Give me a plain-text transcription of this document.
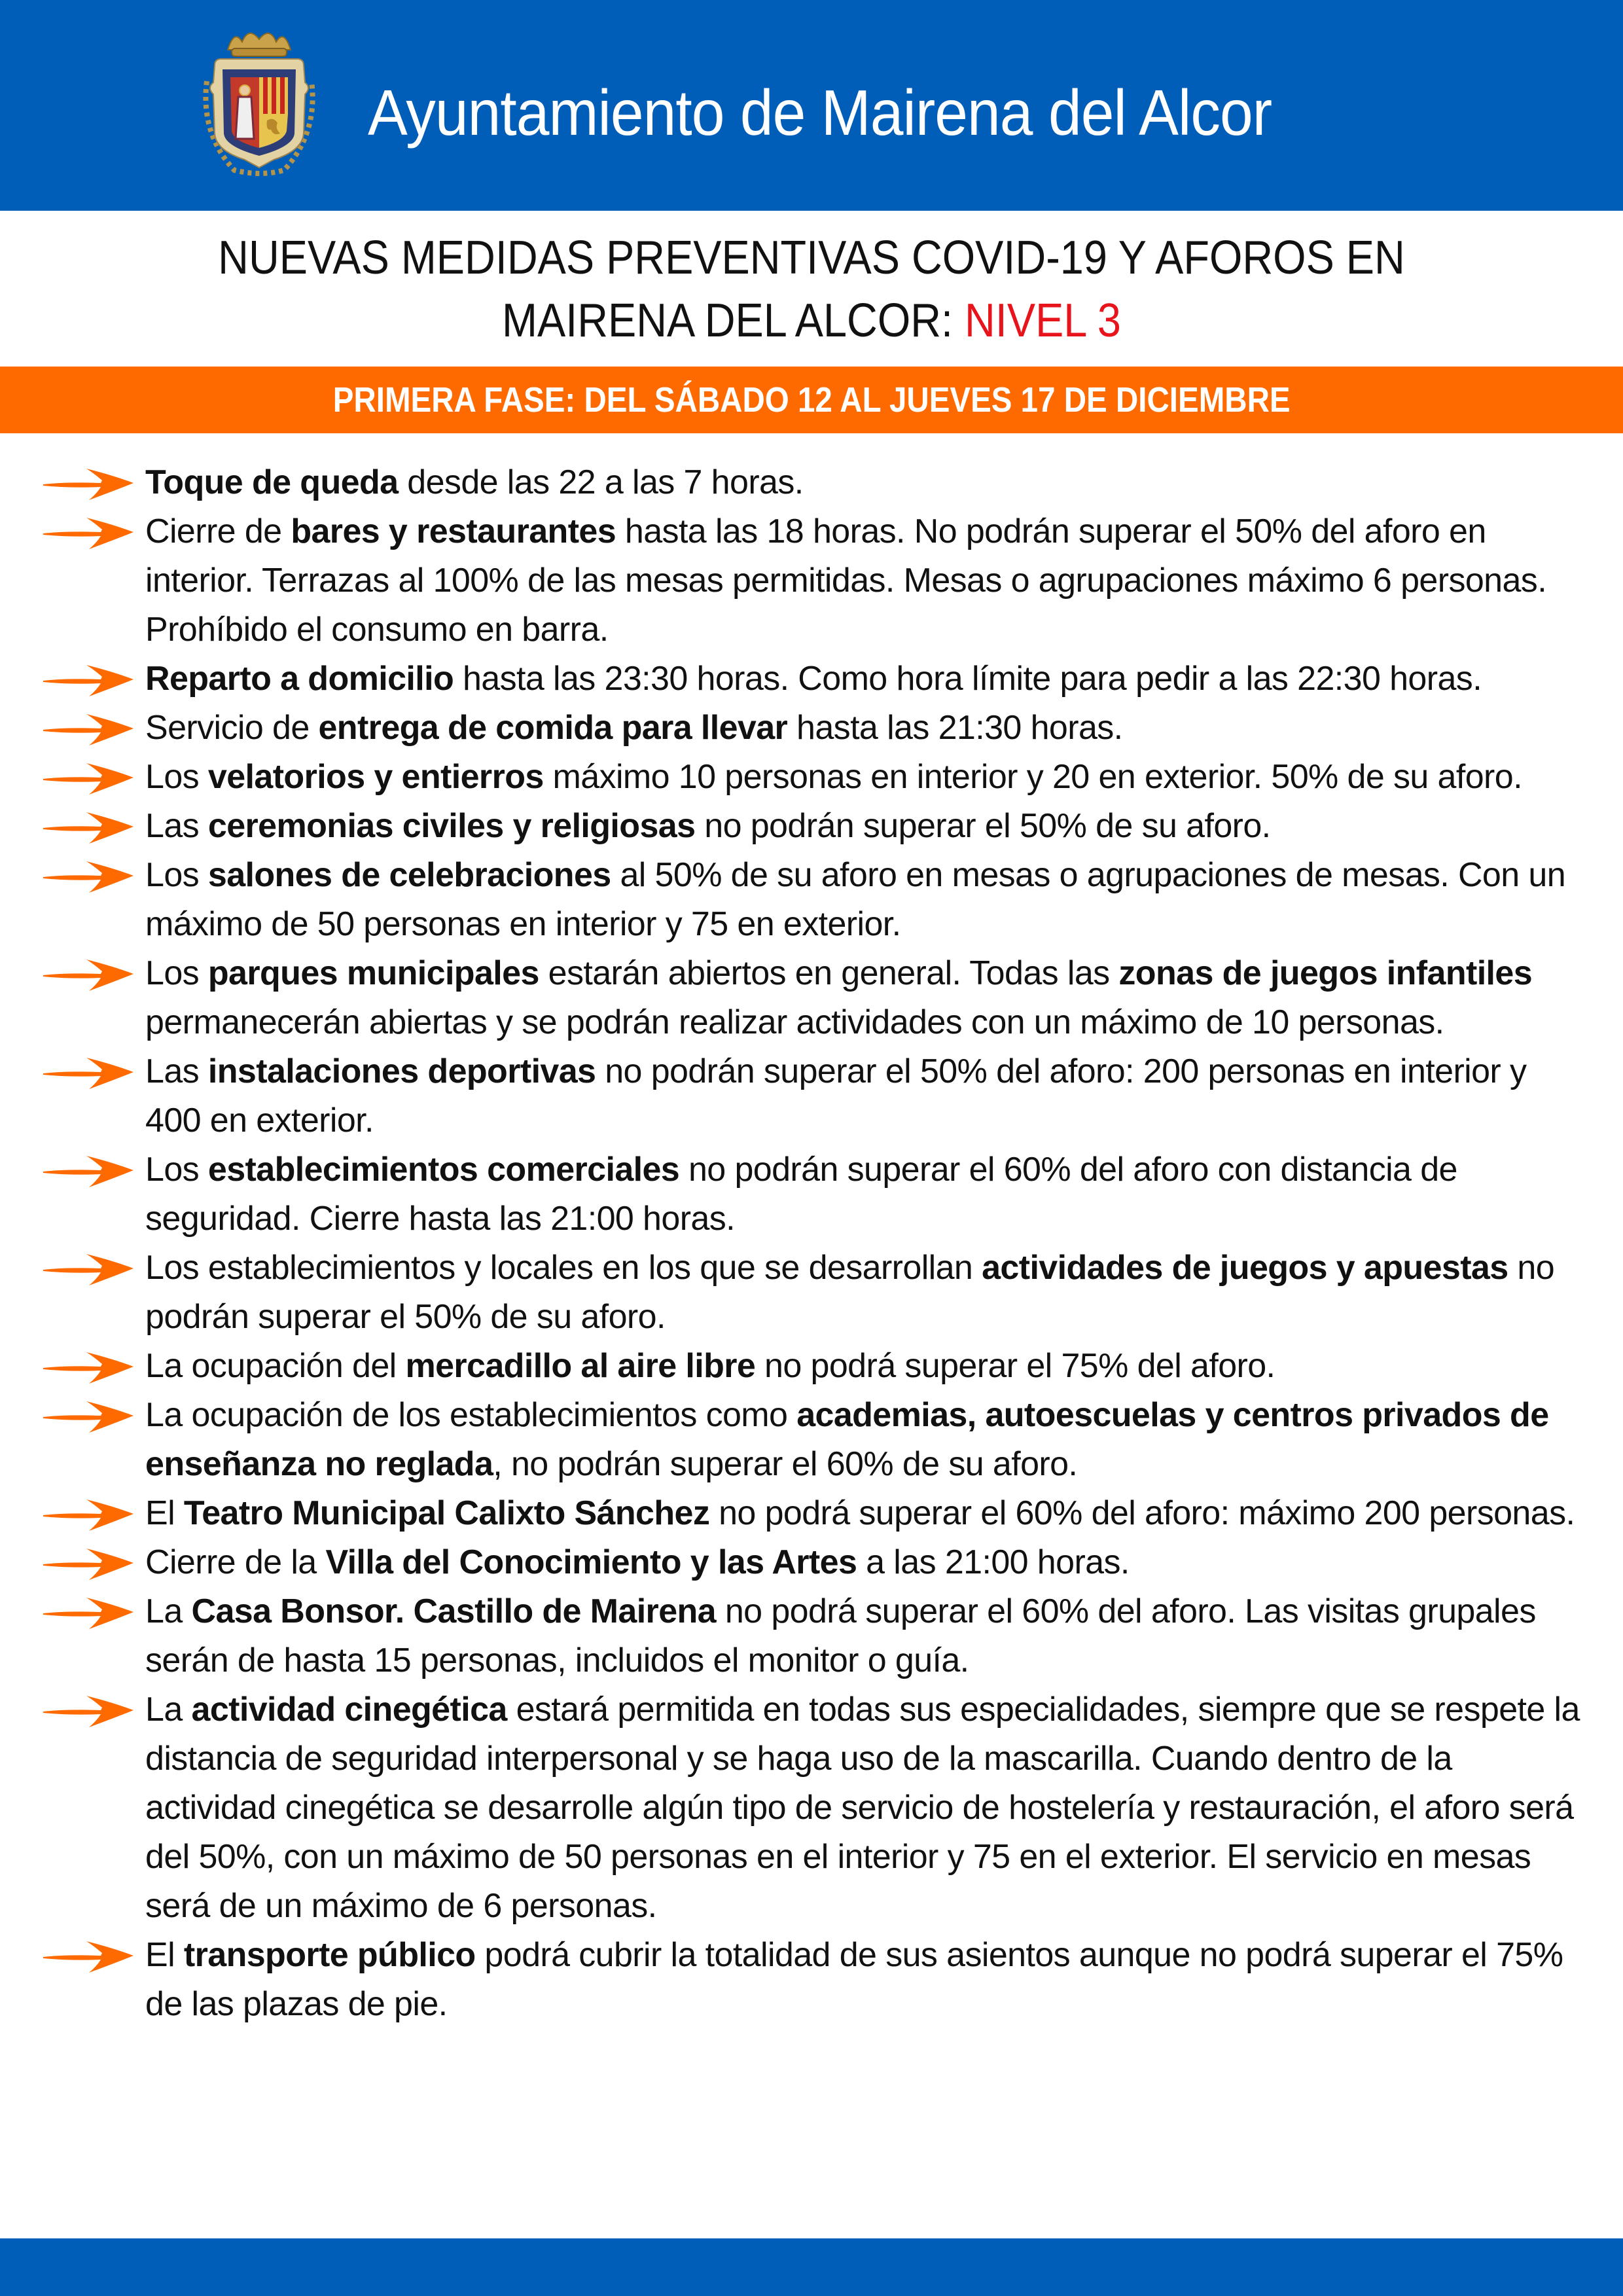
Ayuntamiento de Mairena del Alcor
NUEVAS MEDIDAS PREVENTIVAS COVID-19 Y AFOROS EN
MAIRENA DEL ALCOR: NIVEL 3
PRIMERA FASE: DEL SÁBADO 12 AL JUEVES 17 DE DICIEMBRE
Toque de queda desde las 22 a las 7 horas.
Cierre de bares y restaurantes hasta las 18 horas. No podrán superar el 50% del aforo en interior. Terrazas al 100% de las mesas permitidas. Mesas o agrupaciones máximo 6 personas. Prohíbido el consumo en barra.
Reparto a domicilio hasta las 23:30 horas. Como hora límite para pedir a las 22:30 horas.
Servicio de entrega de comida para llevar hasta las 21:30 horas.
Los velatorios y entierros máximo 10 personas en interior y 20 en exterior. 50% de su aforo.
Las ceremonias civiles y religiosas no podrán superar el 50% de su aforo.
Los salones de celebraciones al 50% de su aforo en mesas o agrupaciones de mesas. Con un máximo de 50 personas en interior y 75 en exterior.
Los parques municipales estarán abiertos en general. Todas las zonas de juegos infantiles permanecerán abiertas y se podrán realizar actividades con un máximo de 10 personas.
Las instalaciones deportivas no podrán superar el 50% del aforo: 200 personas en interior y 400 en exterior.
Los establecimientos comerciales no podrán superar el 60% del aforo con distancia de seguridad. Cierre hasta las 21:00 horas.
Los establecimientos y locales en los que se desarrollan actividades de juegos y apuestas no podrán superar el 50% de su aforo.
La ocupación del mercadillo al aire libre no podrá superar el 75% del aforo.
La ocupación de los establecimientos como academias, autoescuelas y centros privados de enseñanza no reglada, no podrán superar el 60% de su aforo.
El Teatro Municipal Calixto Sánchez no podrá superar el 60% del aforo: máximo 200 personas.
Cierre de la Villa del Conocimiento y las Artes a las 21:00 horas.
La Casa Bonsor. Castillo de Mairena no podrá superar el 60% del aforo. Las visitas grupales serán de hasta 15 personas, incluidos el monitor o guía.
La actividad cinegética estará permitida en todas sus especialidades, siempre que se respete la distancia de seguridad interpersonal y se haga uso de la mascarilla. Cuando dentro de la actividad cinegética se desarrolle algún tipo de servicio de hostelería y restauración, el aforo será del 50%, con un máximo de 50 personas en el interior y 75 en el exterior. El servicio en mesas será de un máximo de 6 personas.
El transporte público podrá cubrir la totalidad de sus asientos aunque no podrá superar el 75% de las plazas de pie.
